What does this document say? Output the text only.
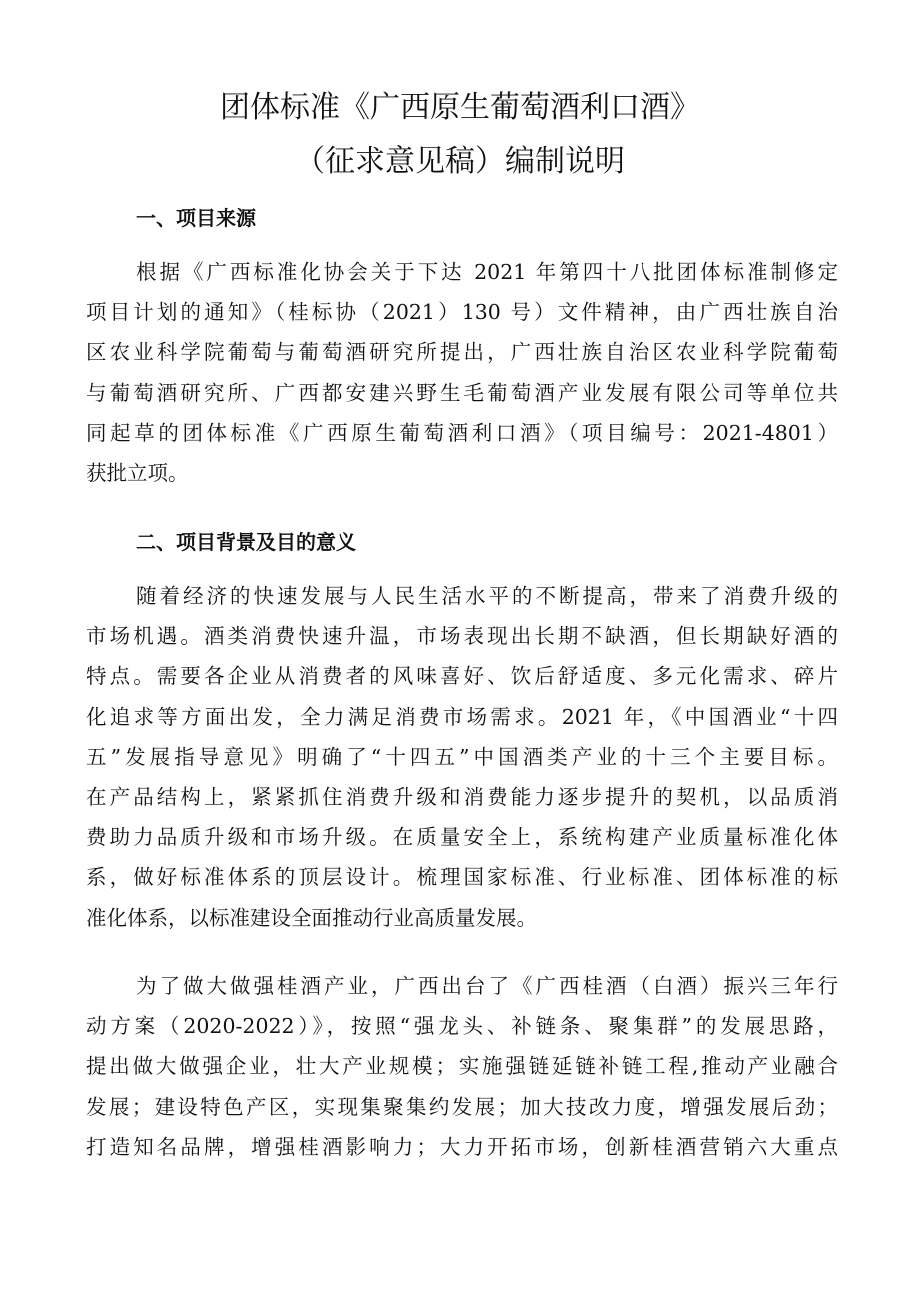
团体标准《广西原生葡萄酒利口酒》
（征求意见稿）编制说明
一、项目来源
根据《广西标准化协会关于下达 2021 年第四十八批团体标准制修定
项目计划的通知》（桂标协（2021）130 号）文件精神，由广西壮族自治
区农业科学院葡萄与葡萄酒研究所提出，广西壮族自治区农业科学院葡萄
与葡萄酒研究所、广西都安建兴野生毛葡萄酒产业发展有限公司等单位共
同起草的团体标准《广西原生葡萄酒利口酒》（项目编号：2021-4801）
获批立项。
二、项目背景及目的意义
随着经济的快速发展与人民生活水平的不断提高，带来了消费升级的
市场机遇。酒类消费快速升温，市场表现出长期不缺酒，但长期缺好酒的
特点。需要各企业从消费者的风味喜好、饮后舒适度、多元化需求、碎片
化追求等方面出发，全力满足消费市场需求。2021 年，《中国酒业“十四
五”发展指导意见》明确了“十四五”中国酒类产业的十三个主要目标。
在产品结构上，紧紧抓住消费升级和消费能力逐步提升的契机，以品质消
费助力品质升级和市场升级。在质量安全上，系统构建产业质量标准化体
系，做好标准体系的顶层设计。梳理国家标准、行业标准、团体标准的标
准化体系，以标准建设全面推动行业高质量发展。
为了做大做强桂酒产业，广西出台了《广西桂酒（白酒）振兴三年行
动方案（2020-2022）》，按照“强龙头、补链条、聚集群”的发展思路，
提出做大做强企业，壮大产业规模；实施强链延链补链工程,推动产业融合
发展；建设特色产区，实现集聚集约发展；加大技改力度，增强发展后劲；
打造知名品牌，增强桂酒影响力；大力开拓市场，创新桂酒营销六大重点
